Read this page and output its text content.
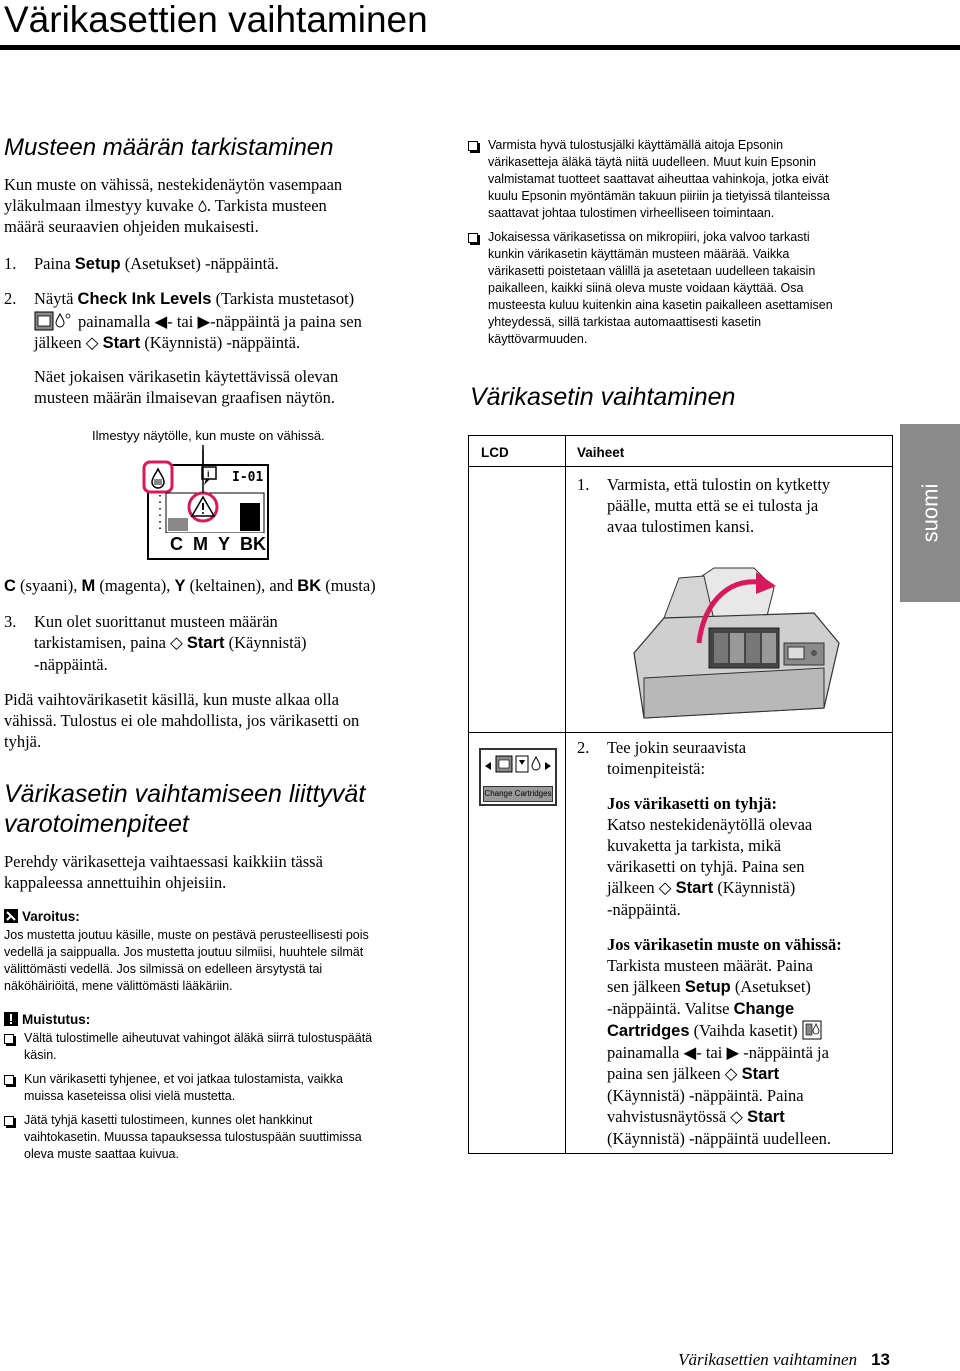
Värikasettien vaihtaminen
suomi
Musteen määrän tarkistaminen
Kun muste on vähissä, nestekidenäytön vasempaan
yläkulmaan ilmestyy kuvake . Tarkista musteen
määrä seuraavien ohjeiden mukaisesti.
1. Paina Setup (Asetukset) -näppäintä.
2. Näytä Check Ink Levels (Tarkista mustetasot)
painamalla ◀- tai ▶-näppäintä ja paina sen
jälkeen ◇ Start (Käynnistä) -näppäintä.
Näet jokaisen värikasetin käytettävissä olevan
musteen määrän ilmaisevan graafisen näytön.
Ilmestyy näytölle, kun muste on vähissä.
i I-01
C M Y BK
C (syaani), M (magenta), Y (keltainen), and BK (musta)
3. Kun olet suorittanut musteen määrän
tarkistamisen, paina ◇ Start (Käynnistä)
-näppäintä.
Pidä vaihtovärikasetit käsillä, kun muste alkaa olla
vähissä. Tulostus ei ole mahdollista, jos värikasetti on
tyhjä.
Värikasetin vaihtamiseen liittyvät
varotoimenpiteet
Perehdy värikasetteja vaihtaessasi kaikkiin tässä
kappaleessa annettuihin ohjeisiin.
Varoitus:
Jos mustetta joutuu käsille, muste on pestävä perusteellisesti pois
vedellä ja saippualla. Jos mustetta joutuu silmiisi, huuhtele silmät
välittömästi vedellä. Jos silmissä on edelleen ärsytystä tai
näköhäiriöitä, mene välittömästi lääkäriin.
Muistutus:
Vältä tulostimelle aiheutuvat vahingot äläkä siirrä tulostuspäätä
käsin.
Kun värikasetti tyhjenee, et voi jatkaa tulostamista, vaikka
muissa kaseteissa olisi vielä mustetta.
Jätä tyhjä kasetti tulostimeen, kunnes olet hankkinut
vaihtokasetin. Muussa tapauksessa tulostuspään suuttimissa
oleva muste saattaa kuivua.
Varmista hyvä tulostusjälki käyttämällä aitoja Epsonin
värikasetteja äläkä täytä niitä uudelleen. Muut kuin Epsonin
valmistamat tuotteet saattavat aiheuttaa vahinkoja, jotka eivät
kuulu Epsonin myöntämän takuun piiriin ja tietyissä tilanteissa
saattavat johtaa tulostimen virheelliseen toimintaan.
Jokaisessa värikasetissa on mikropiiri, joka valvoo tarkasti
kunkin värikasetin käyttämän musteen määrää. Vaikka
värikasetti poistetaan välillä ja asetetaan uudelleen takaisin
paikalleen, kaikki siinä oleva muste voidaan käyttää. Osa
musteesta kuluu kuitenkin aina kasetin paikalleen asettamisen
yhteydessä, sillä tarkistaa automaattisesti kasetin
käyttövarmuuden.
Värikasetin vaihtaminen
LCD	Vaiheet
1. Varmista, että tulostin on kytketty
päälle, mutta että se ei tulosta ja
avaa tulostimen kansi.
Change Cartridges
2. Tee jokin seuraavista
toimenpiteistä:
Jos värikasetti on tyhjä:
Katso nestekidenäytöllä olevaa
kuvaketta ja tarkista, mikä
värikasetti on tyhjä. Paina sen
jälkeen ◇ Start (Käynnistä)
-näppäintä.
Jos värikasetin muste on vähissä:
Tarkista musteen määrät. Paina
sen jälkeen Setup (Asetukset)
-näppäintä. Valitse Change
Cartridges (Vaihda kasetit)
painamalla ◀- tai ▶ -näppäintä ja
paina sen jälkeen ◇ Start
(Käynnistä) -näppäintä. Paina
vahvistusnäytössä ◇ Start
(Käynnistä) -näppäintä uudelleen.
Värikasettien vaihtaminen 13
